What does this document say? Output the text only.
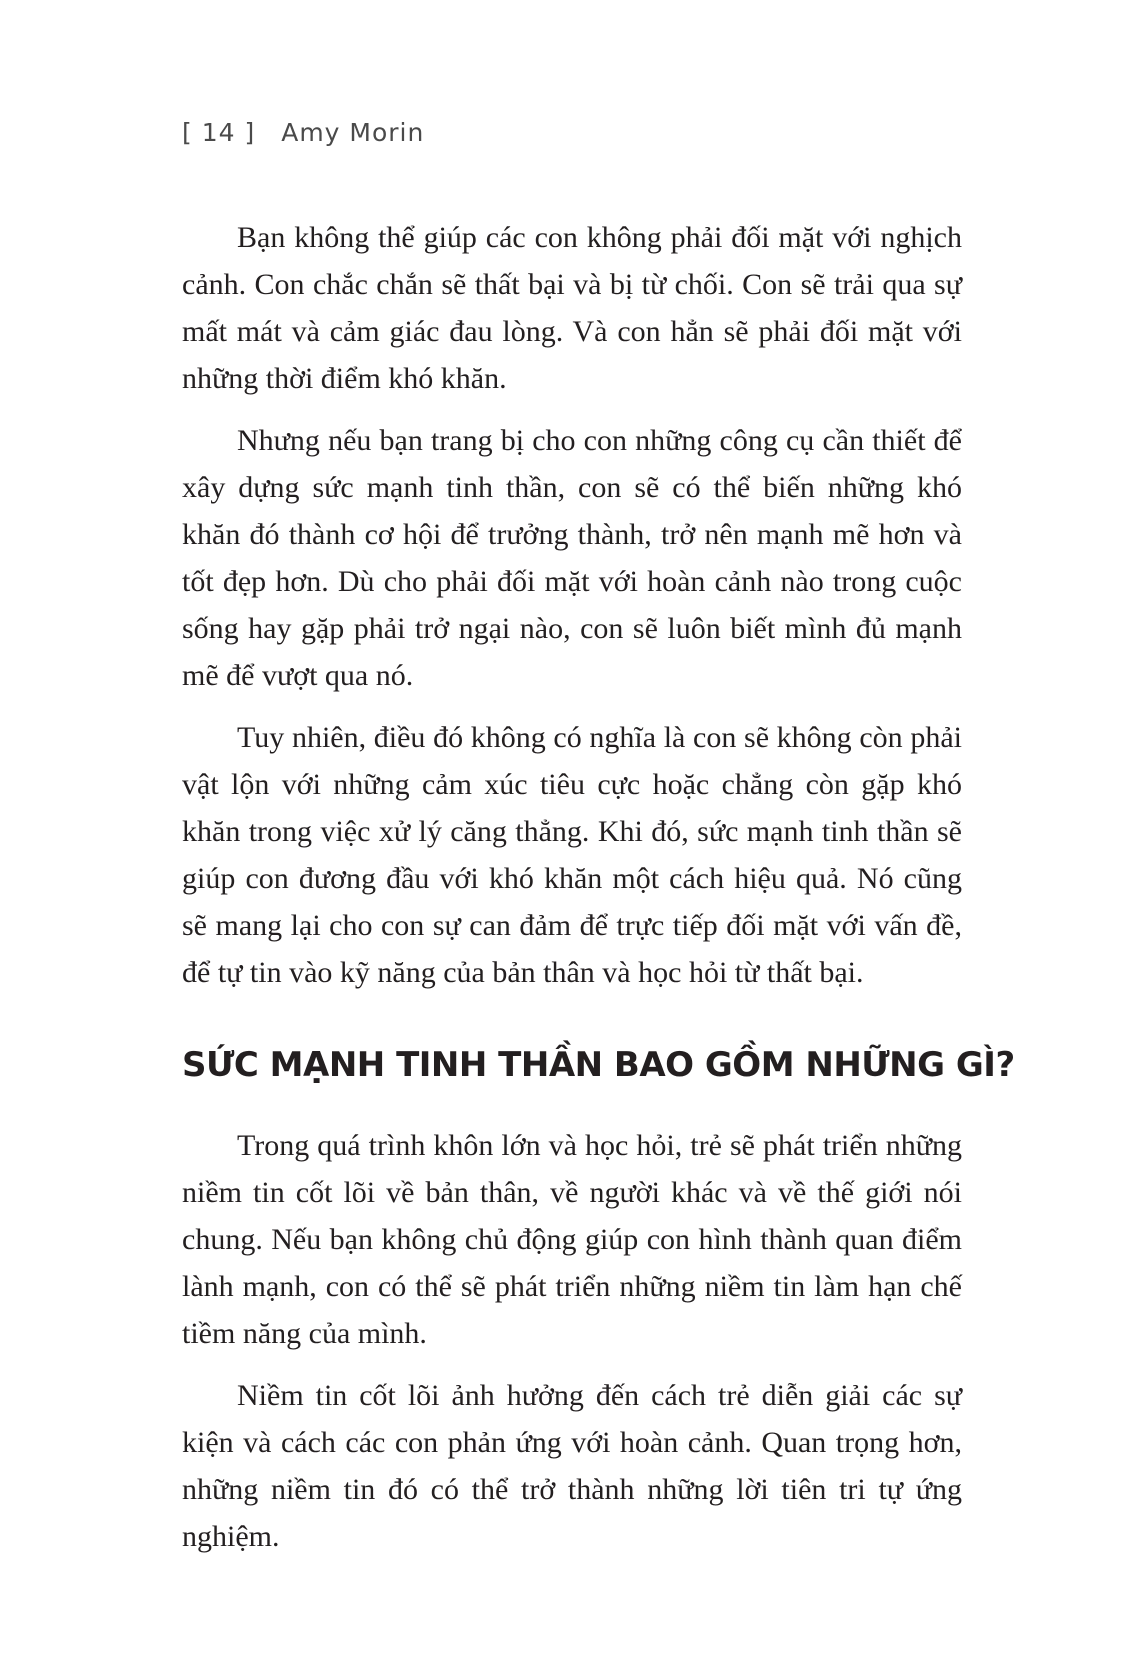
[ 14 ] Amy Morin

Bạn không thể giúp các con không phải đối mặt với nghịch cảnh. Con chắc chắn sẽ thất bại và bị từ chối. Con sẽ trải qua sự mất mát và cảm giác đau lòng. Và con hẳn sẽ phải đối mặt với những thời điểm khó khăn.

Nhưng nếu bạn trang bị cho con những công cụ cần thiết để xây dựng sức mạnh tinh thần, con sẽ có thể biến những khó khăn đó thành cơ hội để trưởng thành, trở nên mạnh mẽ hơn và tốt đẹp hơn. Dù cho phải đối mặt với hoàn cảnh nào trong cuộc sống hay gặp phải trở ngại nào, con sẽ luôn biết mình đủ mạnh mẽ để vượt qua nó.

Tuy nhiên, điều đó không có nghĩa là con sẽ không còn phải vật lộn với những cảm xúc tiêu cực hoặc chẳng còn gặp khó khăn trong việc xử lý căng thẳng. Khi đó, sức mạnh tinh thần sẽ giúp con đương đầu với khó khăn một cách hiệu quả. Nó cũng sẽ mang lại cho con sự can đảm để trực tiếp đối mặt với vấn đề, để tự tin vào kỹ năng của bản thân và học hỏi từ thất bại.

SỨC MẠNH TINH THẦN BAO GỒM NHỮNG GÌ?

Trong quá trình khôn lớn và học hỏi, trẻ sẽ phát triển những niềm tin cốt lõi về bản thân, về người khác và về thế giới nói chung. Nếu bạn không chủ động giúp con hình thành quan điểm lành mạnh, con có thể sẽ phát triển những niềm tin làm hạn chế tiềm năng của mình.

Niềm tin cốt lõi ảnh hưởng đến cách trẻ diễn giải các sự kiện và cách các con phản ứng với hoàn cảnh. Quan trọng hơn, những niềm tin đó có thể trở thành những lời tiên tri tự ứng nghiệm.
